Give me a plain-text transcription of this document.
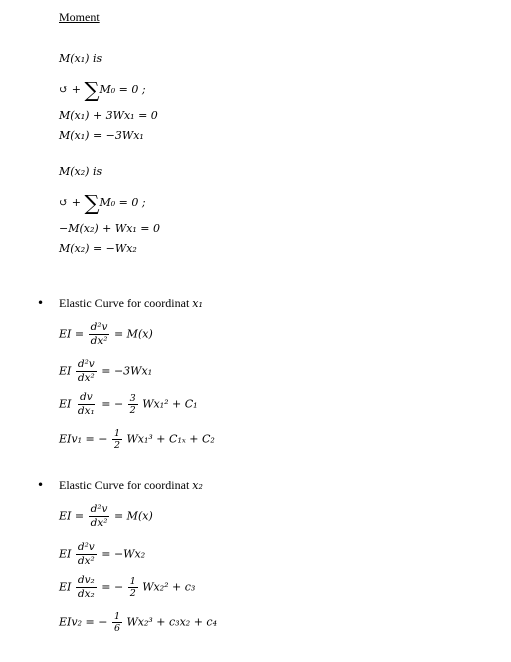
Moment
M(x₁) is
↺ + ∑M₀ = 0 ;
M(x₁) + 3Wx₁ = 0
M(x₁) = −3Wx₁
M(x₂) is
↺ + ∑M₀ = 0 ;
−M(x₂) + Wx₁ = 0
M(x₂) = −Wx₂
• Elastic Curve for coordinat x₁
EI = $\frac{\text{d²v}}{\text{dx²}} = M(x)$
EI $\frac{\text{d²v}}{\text{dx²}} = -3Wx_1$
EI $\frac{dv}{\text{dx₁}}$ = − $\frac{3}{2} Wx_1^2 + C_1$
EIv₁ = − $\frac{1}{2} Wx_1^3 + C_{1x} + C_2$
• Elastic Curve for coordinat x₂
EI = $\frac{\text{d²v}}{\text{dx²}} = M(x)$
EI $\frac{\text{d²v}}{\text{dx²}} = -Wx_2$
EI $\frac{\text{dv₂}}{\text{dx₂}}$ = − $\frac{1}{2} Wx_2^2 + c_3$
EIv₂ = − $\frac{1}{6} Wx_2^3 + c_3x_2 + c_4$
